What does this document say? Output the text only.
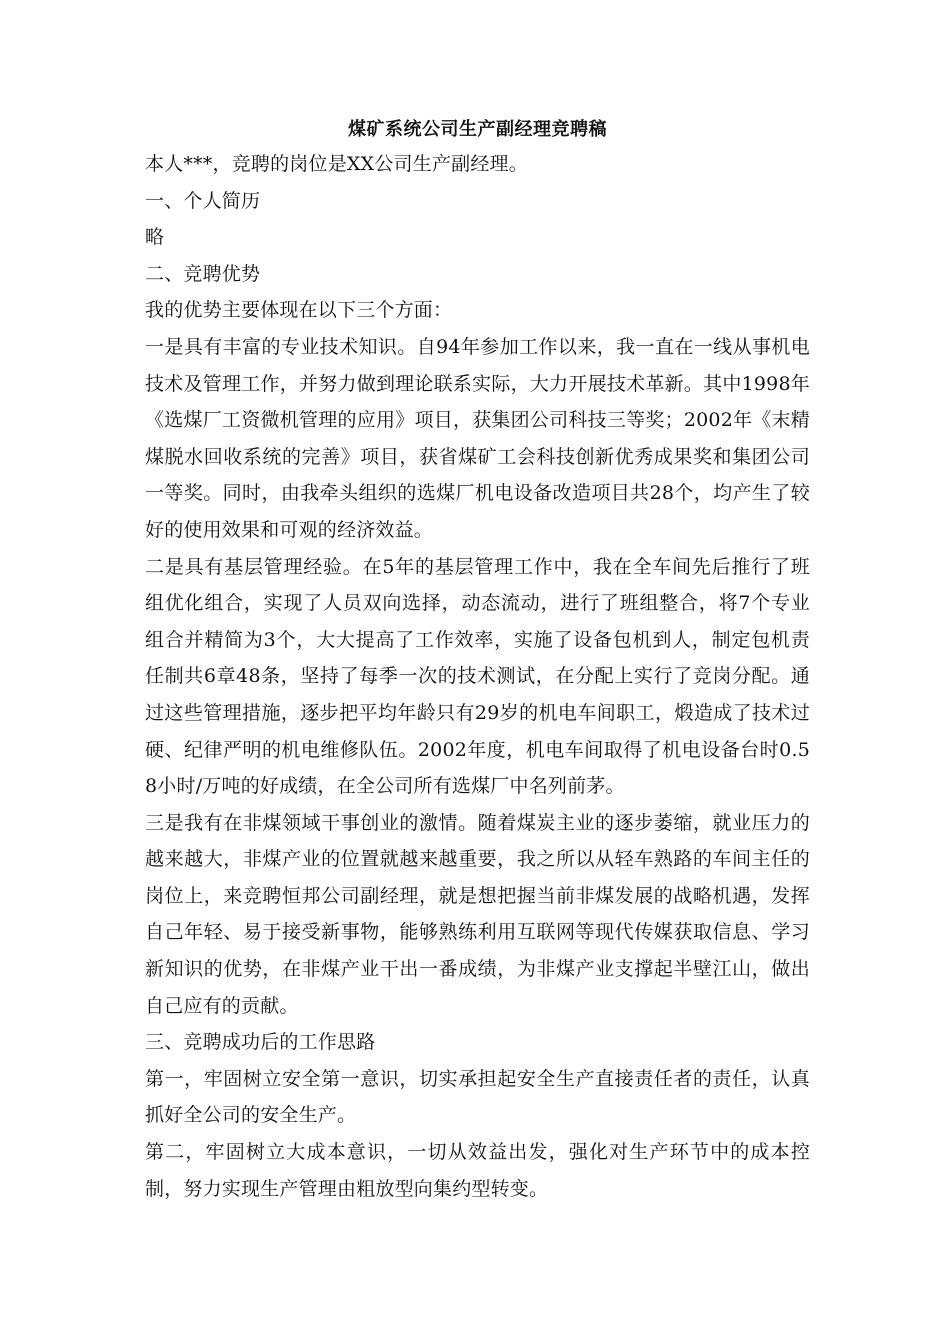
煤矿系统公司生产副经理竞聘稿

本人***，竞聘的岗位是XX公司生产副经理。

一、个人简历

略

二、竞聘优势

我的优势主要体现在以下三个方面：

一是具有丰富的专业技术知识。自94年参加工作以来，我一直在一线从事机电技术及管理工作，并努力做到理论联系实际，大力开展技术革新。其中1998年《选煤厂工资微机管理的应用》项目，获集团公司科技三等奖；2002年《末精煤脱水回收系统的完善》项目，获省煤矿工会科技创新优秀成果奖和集团公司一等奖。同时，由我牵头组织的选煤厂机电设备改造项目共28个，均产生了较好的使用效果和可观的经济效益。

二是具有基层管理经验。在5年的基层管理工作中，我在全车间先后推行了班组优化组合，实现了人员双向选择，动态流动，进行了班组整合，将7个专业组合并精简为3个，大大提高了工作效率，实施了设备包机到人，制定包机责任制共6章48条，坚持了每季一次的技术测试，在分配上实行了竞岗分配。通过这些管理措施，逐步把平均年龄只有29岁的机电车间职工，煅造成了技术过硬、纪律严明的机电维修队伍。2002年度，机电车间取得了机电设备台时0.58小时/万吨的好成绩，在全公司所有选煤厂中名列前茅。

三是我有在非煤领域干事创业的激情。随着煤炭主业的逐步萎缩，就业压力的越来越大，非煤产业的位置就越来越重要，我之所以从轻车熟路的车间主任的岗位上，来竞聘恒邦公司副经理，就是想把握当前非煤发展的战略机遇，发挥自己年轻、易于接受新事物，能够熟练利用互联网等现代传媒获取信息、学习新知识的优势，在非煤产业干出一番成绩，为非煤产业支撑起半壁江山，做出自己应有的贡献。

三、竞聘成功后的工作思路

第一，牢固树立安全第一意识，切实承担起安全生产直接责任者的责任，认真抓好全公司的安全生产。

第二，牢固树立大成本意识，一切从效益出发，强化对生产环节中的成本控制，努力实现生产管理由粗放型向集约型转变。
